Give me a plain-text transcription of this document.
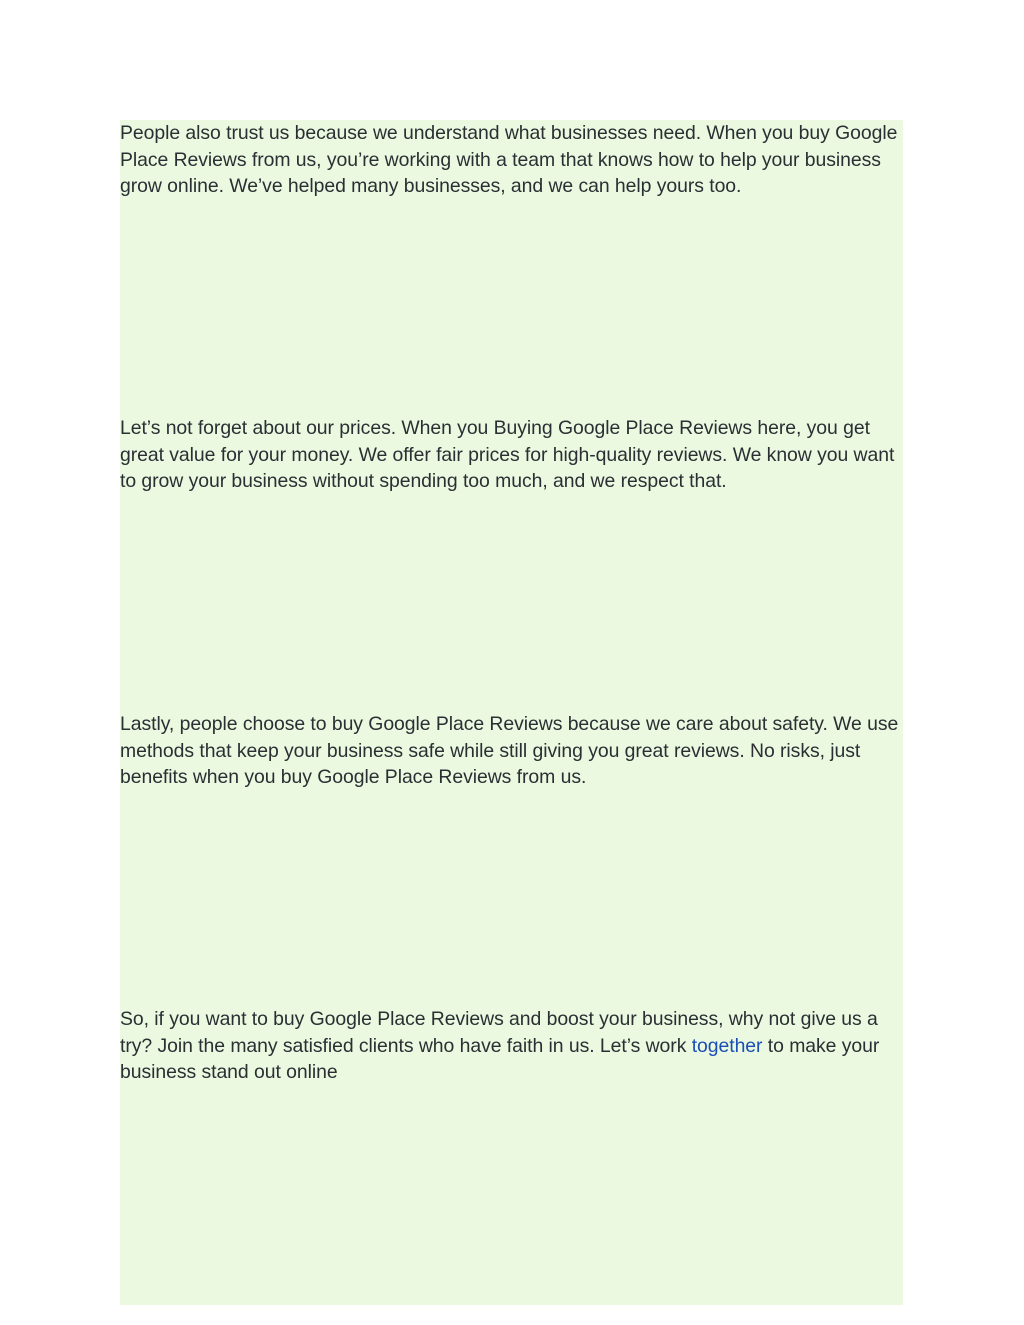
People also trust us because we understand what businesses need. When you buy Google Place Reviews from us, you’re working with a team that knows how to help your business grow online. We’ve helped many businesses, and we can help yours too.

Let’s not forget about our prices. When you Buying Google Place Reviews here, you get great value for your money. We offer fair prices for high-quality reviews. We know you want to grow your business without spending too much, and we respect that.

Lastly, people choose to buy Google Place Reviews because we care about safety. We use methods that keep your business safe while still giving you great reviews. No risks, just benefits when you buy Google Place Reviews from us.

So, if you want to buy Google Place Reviews and boost your business, why not give us a try? Join the many satisfied clients who have faith in us. Let’s work together to make your business stand out online
